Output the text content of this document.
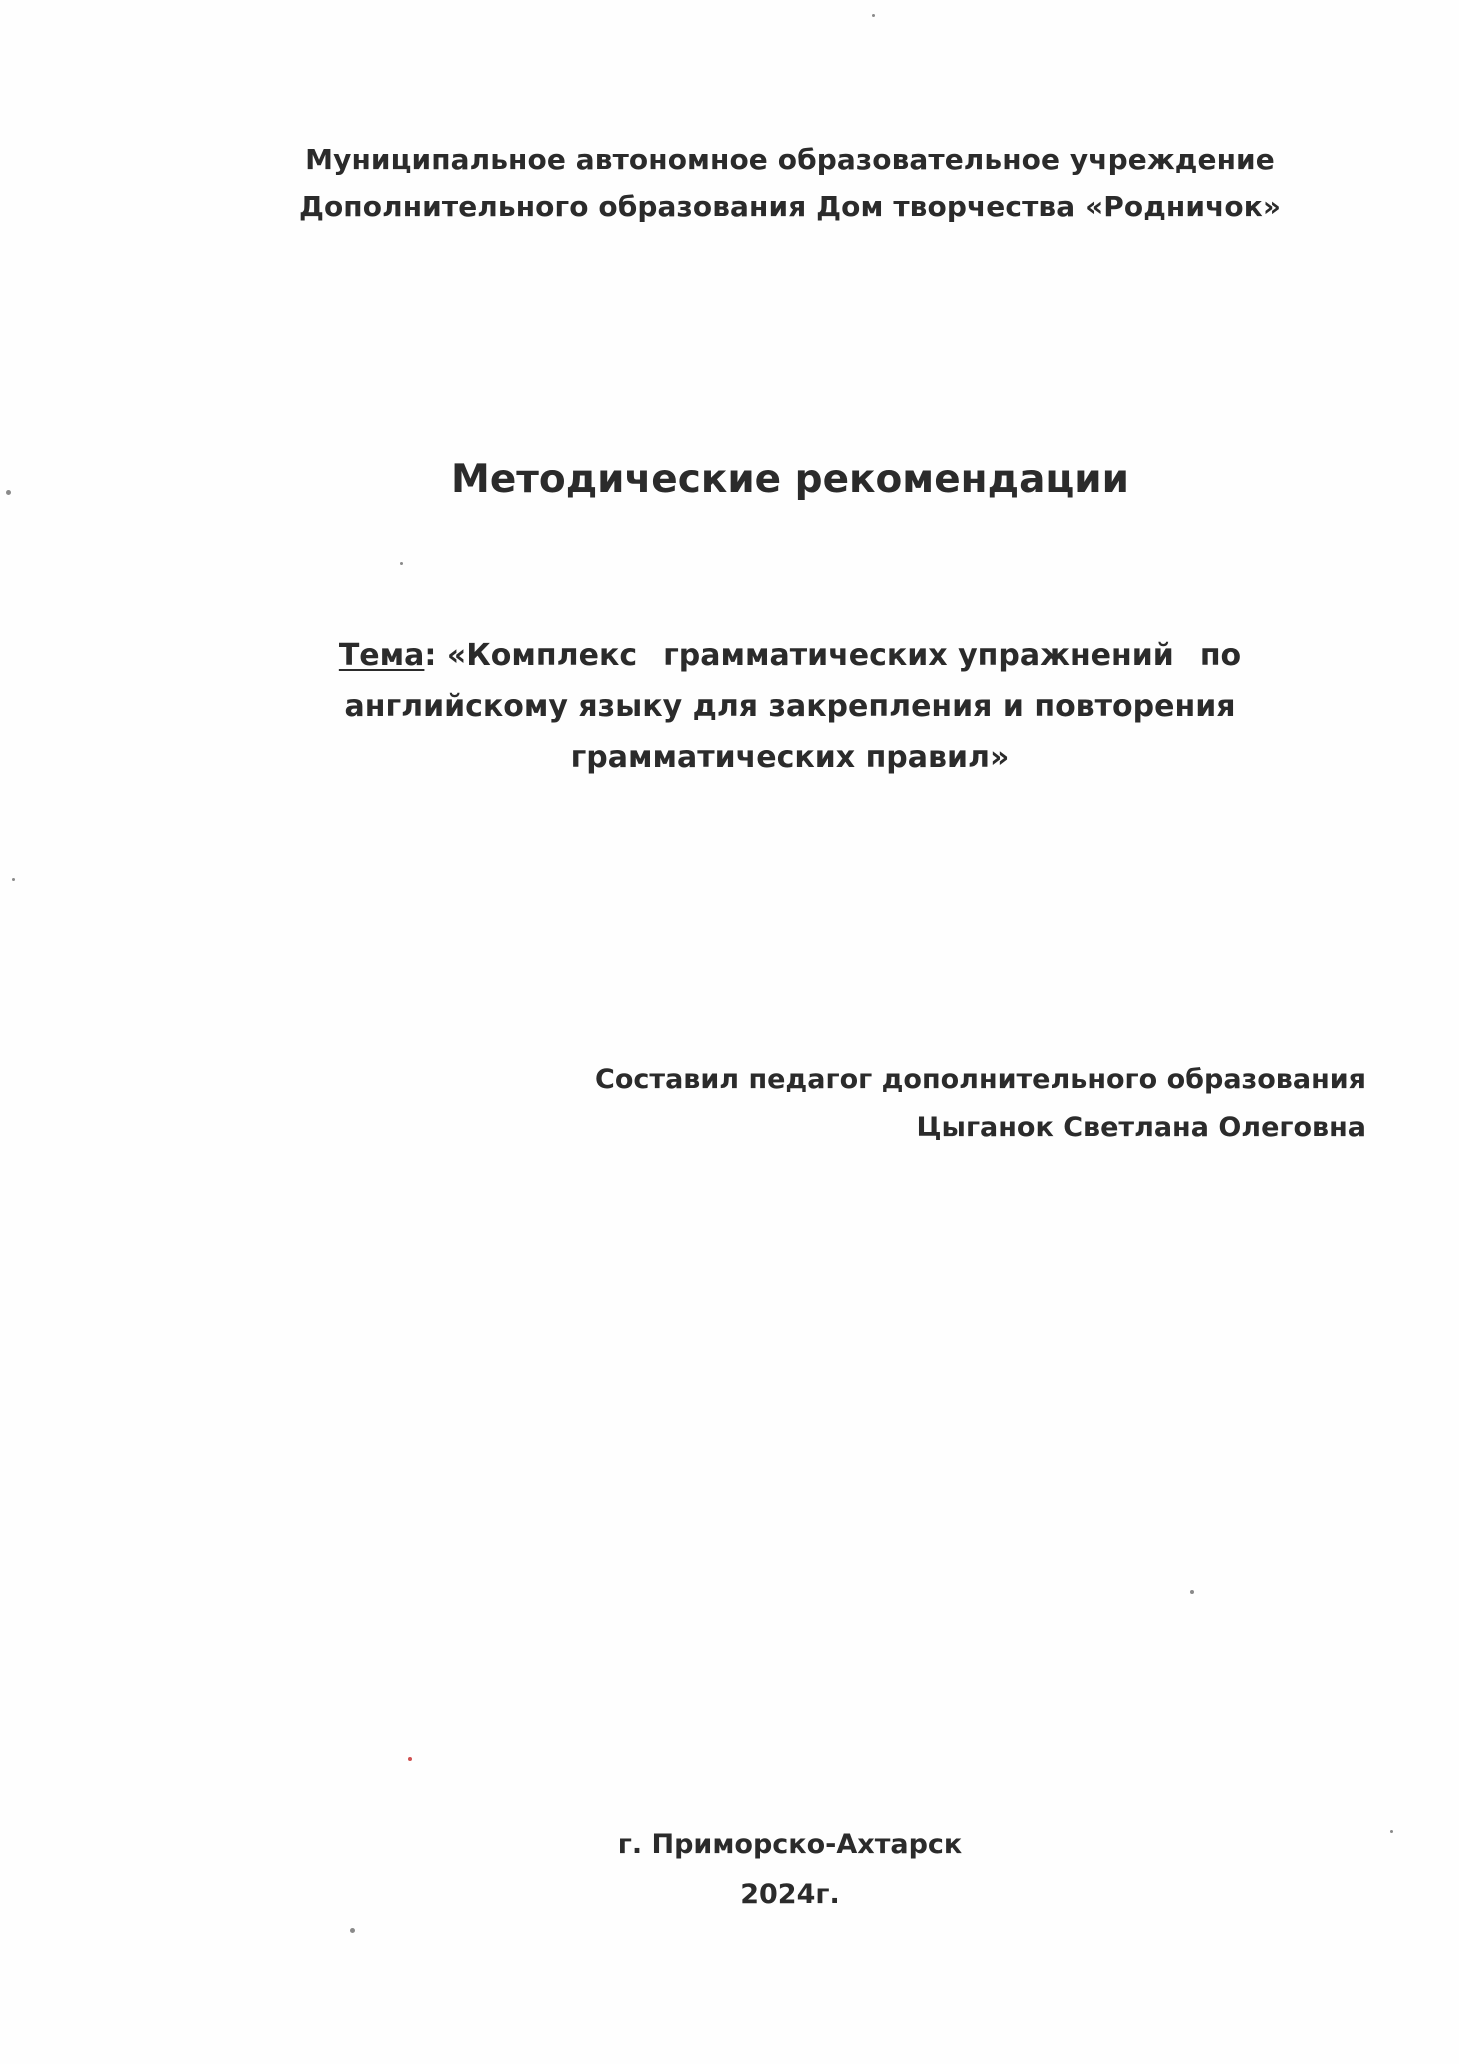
Муниципальное автономное образовательное учреждение
Дополнительного образования Дом творчества «Родничок»
Методические рекомендации
Тема: «Комплекс грамматических упражнений по
английскому языку для закрепления и повторения
грамматических правил»
Составил педагог дополнительного образования
Цыганок Светлана Олеговна
г. Приморско-Ахтарск
2024г.
